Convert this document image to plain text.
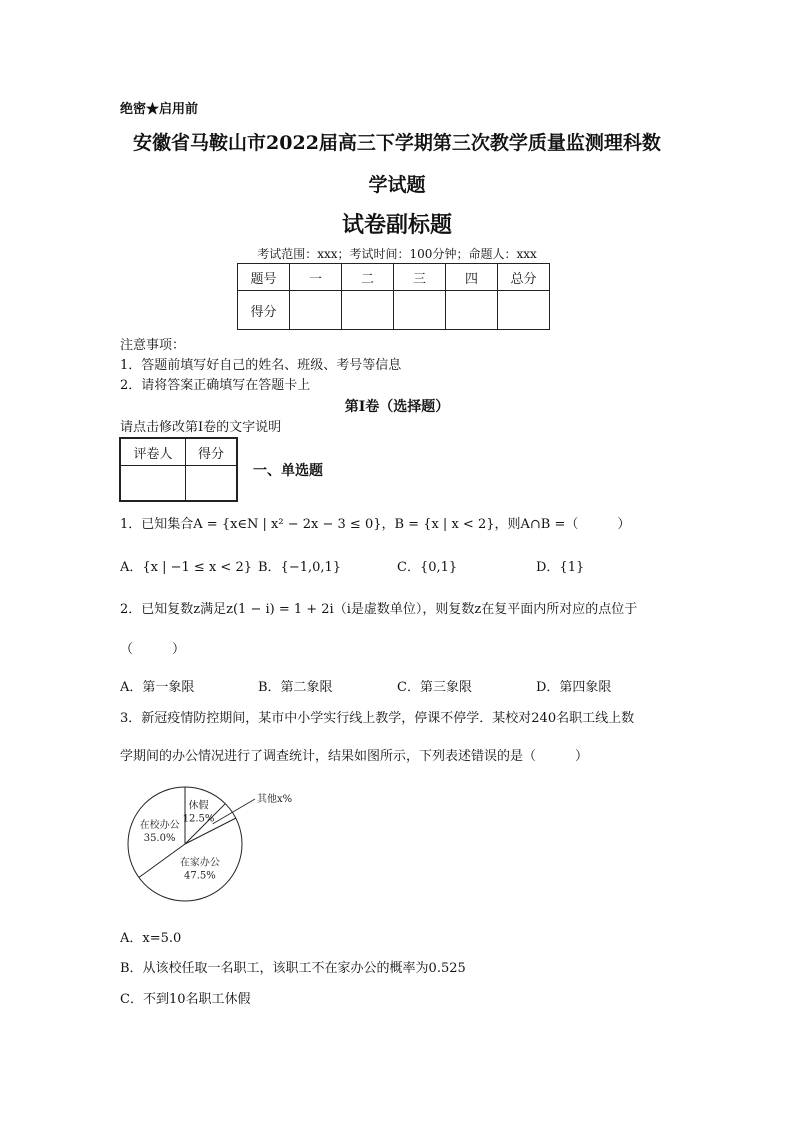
绝密★启用前
安徽省马鞍山市2022届高三下学期第三次教学质量监测理科数
学试题
试卷副标题
考试范围：xxx；考试时间：100分钟；命题人：xxx
题号	一	二	三	四	总分
得分					
注意事项：
1．答题前填写好自己的姓名、班级、考号等信息
2．请将答案正确填写在答题卡上
第I卷（选择题）
请点击修改第I卷的文字说明
评卷人	得分

一、单选题
1．已知集合A = {x∈N | x² − 2x − 3 ≤ 0}，B = {x | x < 2}，则A∩B =（　　　）
A．{x | −1 ≤ x < 2} B．{−1,0,1}	C．{0,1}	D．{1}
2．已知复数z满足z(1 − i) = 1 + 2i（i是虚数单位），则复数z在复平面内所对应的点位于
（　　　）
A．第一象限	B．第二象限	C．第三象限	D．第四象限
3．新冠疫情防控期间，某市中小学实行线上教学，停课不停学．某校对240名职工线上数
学期间的办公情况进行了调查统计，结果如图所示，下列表述错误的是（　　　）
休假
12.5%
其他x%
在家办公
47.5%
在校办公
35.0%
A．x=5.0
B．从该校任取一名职工，该职工不在家办公的概率为0.525
C．不到10名职工休假
